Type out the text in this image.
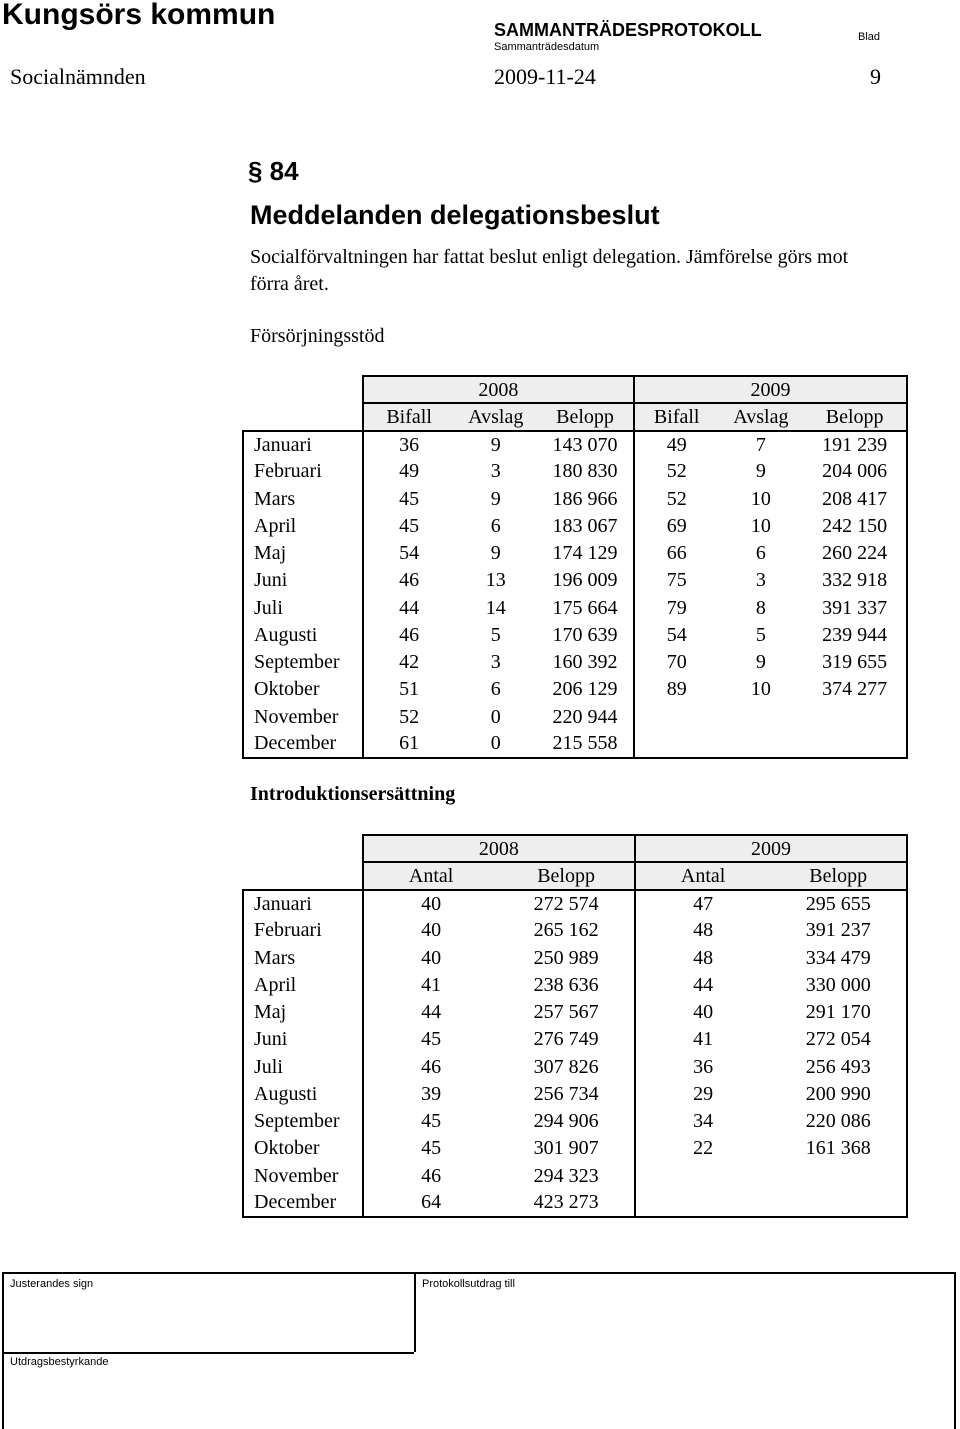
Kungsörs kommun	SAMMANTRÄDESPROTOKOLL
Sammanträdesdatum
Blad
Socialnämnden	2009-11-24	9
§ 84
Meddelanden delegationsbeslut
Socialförvaltningen har fattat beslut enligt delegation. Jämförelse görs mot förra året.
Försörjningsstöd
	2008			2009		
	Bifall	Avslag	Belopp	Bifall	Avslag	Belopp
Januari	36	9	143 070	49	7	191 239
Februari	49	3	180 830	52	9	204 006
Mars	45	9	186 966	52	10	208 417
April	45	6	183 067	69	10	242 150
Maj	54	9	174 129	66	6	260 224
Juni	46	13	196 009	75	3	332 918
Juli	44	14	175 664	79	8	391 337
Augusti	46	5	170 639	54	5	239 944
September	42	3	160 392	70	9	319 655
Oktober	51	6	206 129	89	10	374 277
November	52	0	220 944			
December	61	0	215 558			
Introduktionsersättning
	2008		2009	
	Antal	Belopp	Antal	Belopp
Januari	40	272 574	47	295 655
Februari	40	265 162	48	391 237
Mars	40	250 989	48	334 479
April	41	238 636	44	330 000
Maj	44	257 567	40	291 170
Juni	45	276 749	41	272 054
Juli	46	307 826	36	256 493
Augusti	39	256 734	29	200 990
September	45	294 906	34	220 086
Oktober	45	301 907	22	161 368
November	46	294 323		
December	64	423 273		
Justerandes sign	Protokollsutdrag till
Utdragsbestyrkande
